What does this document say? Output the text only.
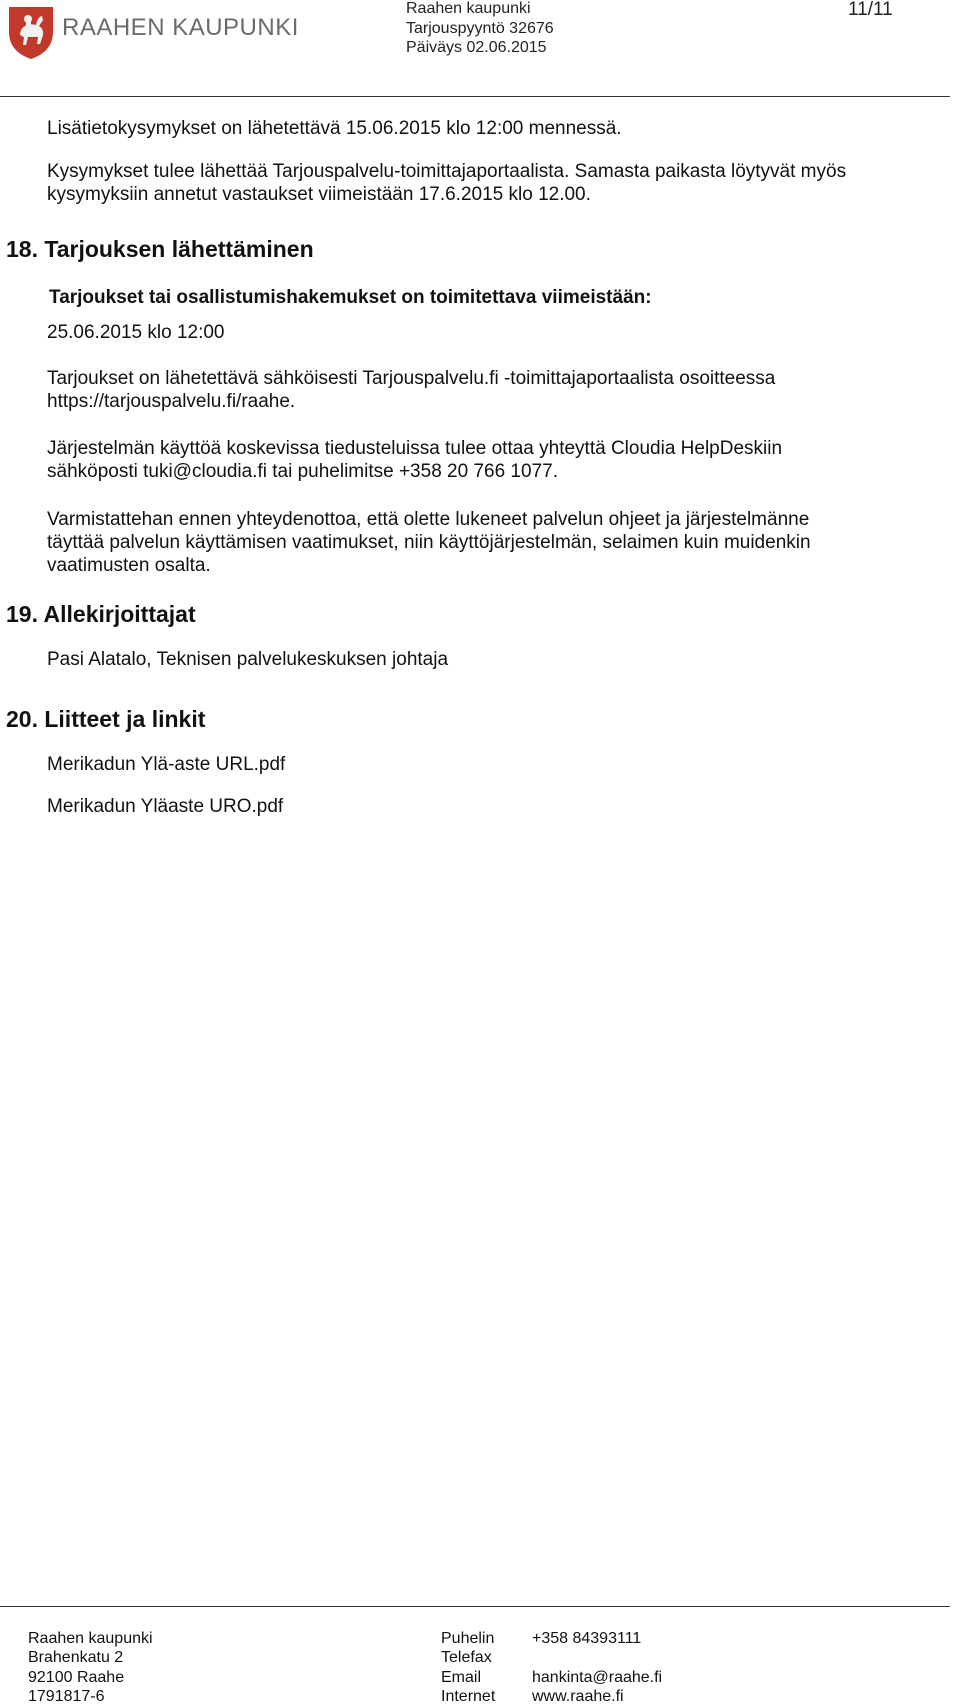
RAAHEN KAUPUNKI
Raahen kaupunki
Tarjouspyyntö 32676
Päiväys 02.06.2015
11/11
Lisätietokysymykset on lähetettävä 15.06.2015 klo 12:00 mennessä.
Kysymykset tulee lähettää Tarjouspalvelu-toimittajaportaalista. Samasta paikasta löytyvät myös
kysymyksiin annetut vastaukset viimeistään 17.6.2015 klo 12.00.
18. Tarjouksen lähettäminen
Tarjoukset tai osallistumishakemukset on toimitettava viimeistään:
25.06.2015 klo 12:00
Tarjoukset on lähetettävä sähköisesti Tarjouspalvelu.fi -toimittajaportaalista osoitteessa
https://tarjouspalvelu.fi/raahe.
Järjestelmän käyttöä koskevissa tiedusteluissa tulee ottaa yhteyttä Cloudia HelpDeskiin
sähköposti tuki@cloudia.fi tai puhelimitse +358 20 766 1077.
Varmistattehan ennen yhteydenottoa, että olette lukeneet palvelun ohjeet ja järjestelmänne
täyttää palvelun käyttämisen vaatimukset, niin käyttöjärjestelmän, selaimen kuin muidenkin
vaatimusten osalta.
19. Allekirjoittajat
Pasi Alatalo, Teknisen palvelukeskuksen johtaja
20. Liitteet ja linkit
Merikadun Ylä-aste URL.pdf
Merikadun Yläaste URO.pdf
Raahen kaupunki
Brahenkatu 2
92100 Raahe
1791817-6
Puhelin
Telefax
Email
Internet
+358 84393111
hankinta@raahe.fi
www.raahe.fi
